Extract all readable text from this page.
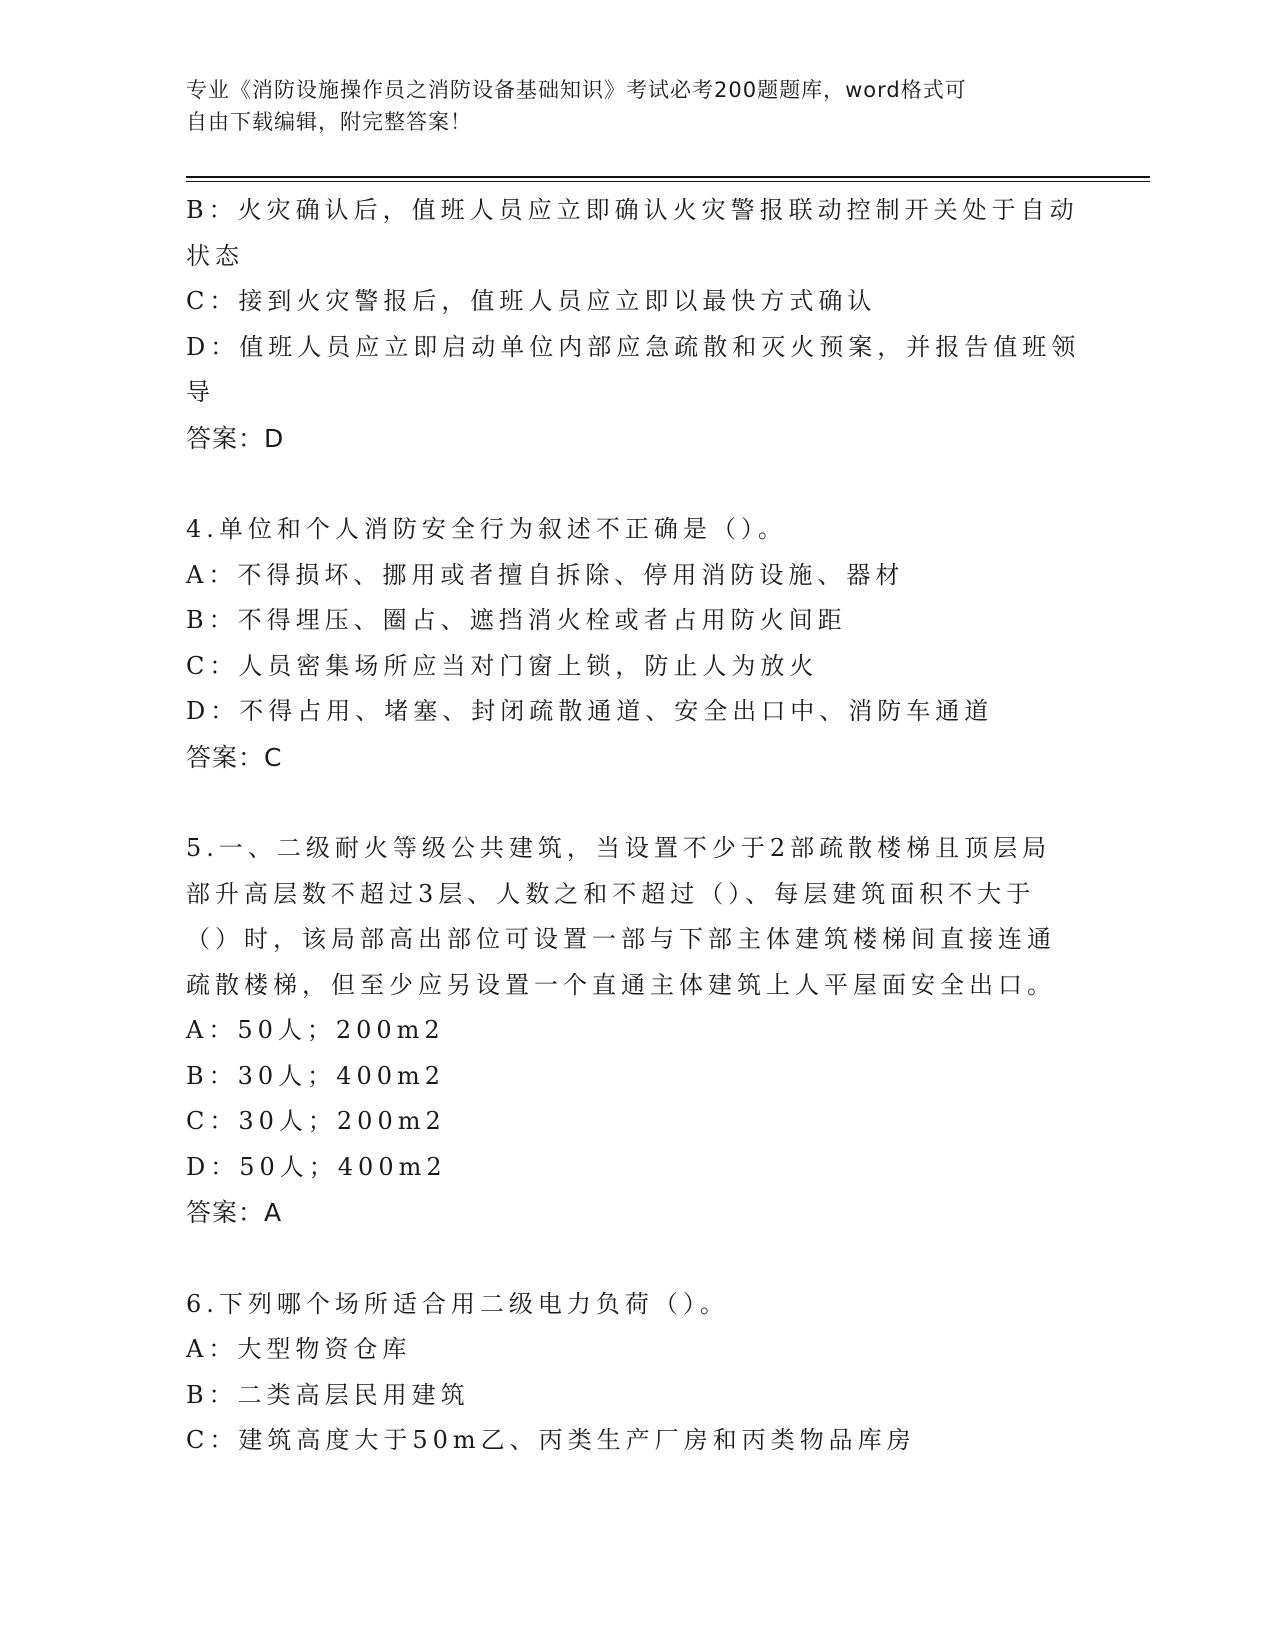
专业《消防设施操作员之消防设备基础知识》考试必考200题题库，word格式可

自由下载编辑，附完整答案！

B：火灾确认后，值班人员应立即确认火灾警报联动控制开关处于自动

状态

C：接到火灾警报后，值班人员应立即以最快方式确认

D：值班人员应立即启动单位内部应急疏散和灭火预案，并报告值班领

导

答案：D

4.单位和个人消防安全行为叙述不正确是（）。

A：不得损坏、挪用或者擅自拆除、停用消防设施、器材

B：不得埋压、圈占、遮挡消火栓或者占用防火间距

C：人员密集场所应当对门窗上锁，防止人为放火

D：不得占用、堵塞、封闭疏散通道、安全出口中、消防车通道

答案：C

5.一、二级耐火等级公共建筑，当设置不少于2部疏散楼梯且顶层局

部升高层数不超过3层、人数之和不超过（）、每层建筑面积不大于

（）时，该局部高出部位可设置一部与下部主体建筑楼梯间直接连通

疏散楼梯，但至少应另设置一个直通主体建筑上人平屋面安全出口。

A：50人；200m2

B：30人；400m2

C：30人；200m2

D：50人；400m2

答案：A

6.下列哪个场所适合用二级电力负荷（）。

A：大型物资仓库

B：二类高层民用建筑

C：建筑高度大于50m乙、丙类生产厂房和丙类物品库房
